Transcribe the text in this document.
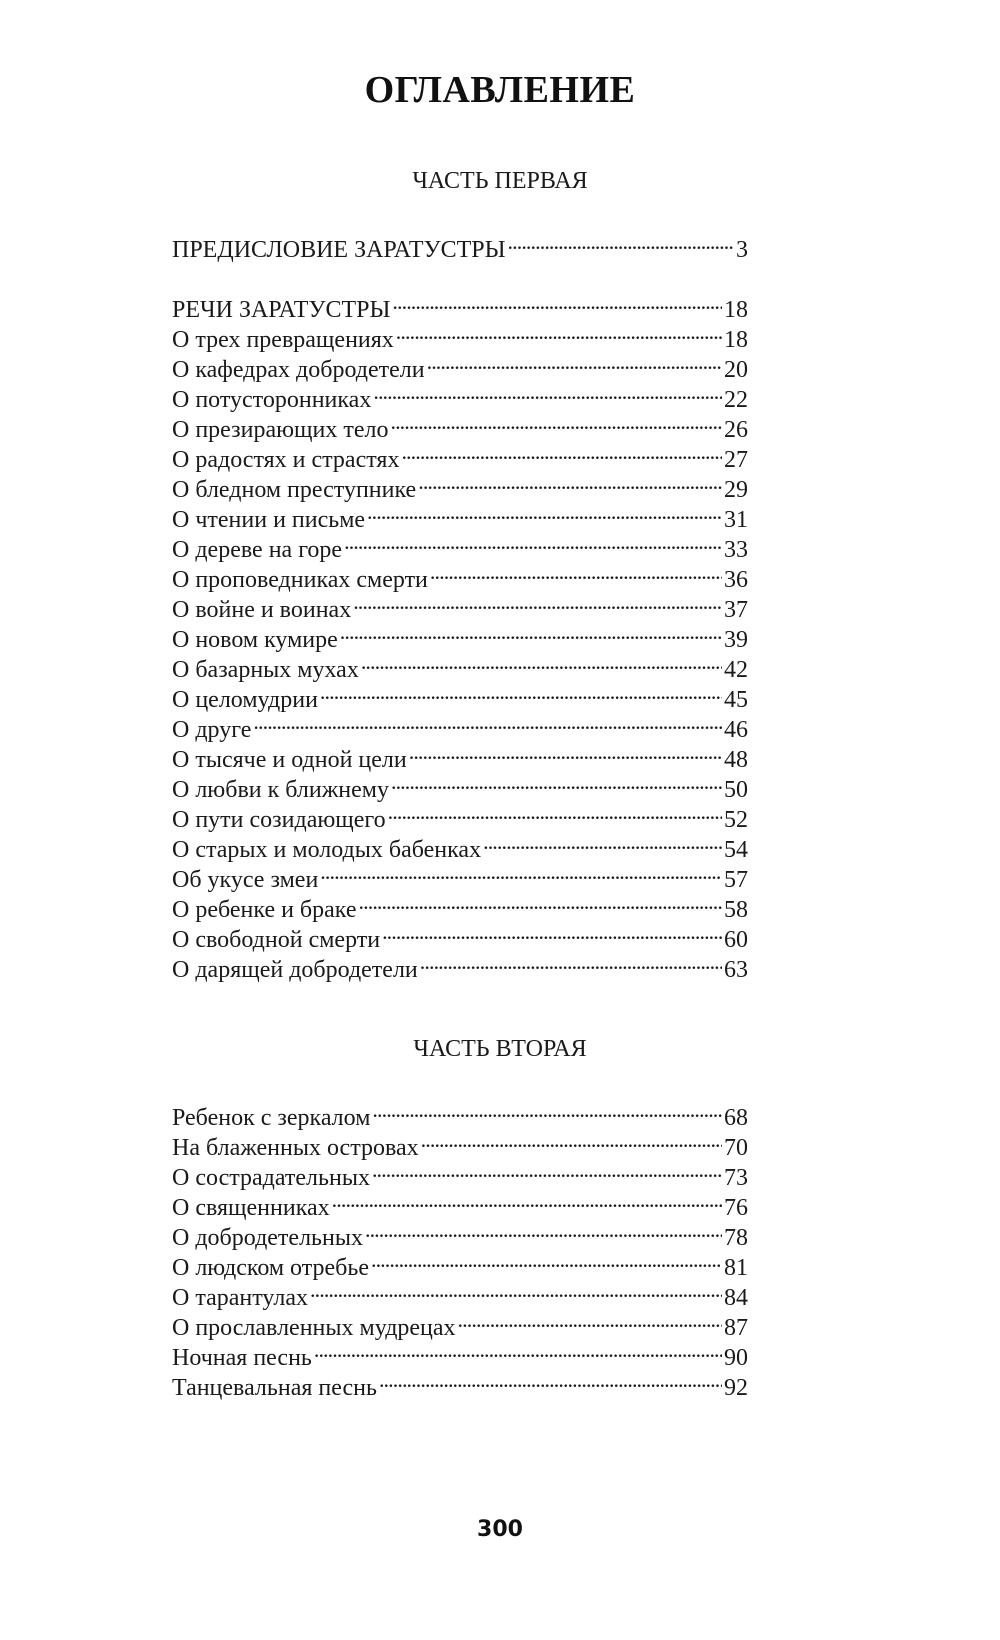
ОГЛАВЛЕНИЕ
ЧАСТЬ ПЕРВАЯ
ПРЕДИСЛОВИЕ ЗАРАТУСТРЫ . . .	3
РЕЧИ ЗАРАТУСТРЫ . . .	18
О трех превращениях . . .	18
О кафедрах добродетели . . .	20
О потусторонниках . . .	22
О презирающих тело . . .	26
О радостях и страстях . . .	27
О бледном преступнике . . .	29
О чтении и письме . . .	31
О дереве на горе . . .	33
О проповедниках смерти . . .	36
О войне и воинах . . .	37
О новом кумире . . .	39
О базарных мухах . . .	42
О целомудрии . . .	45
О друге . . .	46
О тысяче и одной цели . . .	48
О любви к ближнему . . .	50
О пути созидающего . . .	52
О старых и молодых бабенках . . .	54
Об укусе змеи . . .	57
О ребенке и браке . . .	58
О свободной смерти . . .	60
О дарящей добродетели . . .	63
ЧАСТЬ ВТОРАЯ
Ребенок с зеркалом . . .	68
На блаженных островах . . .	70
О сострадательных . . .	73
О священниках . . .	76
О добродетельных . . .	78
О людском отребье . . .	81
О тарантулах . . .	84
О прославленных мудрецах . . .	87
Ночная песнь . . .	90
Танцевальная песнь . . .	92
300
